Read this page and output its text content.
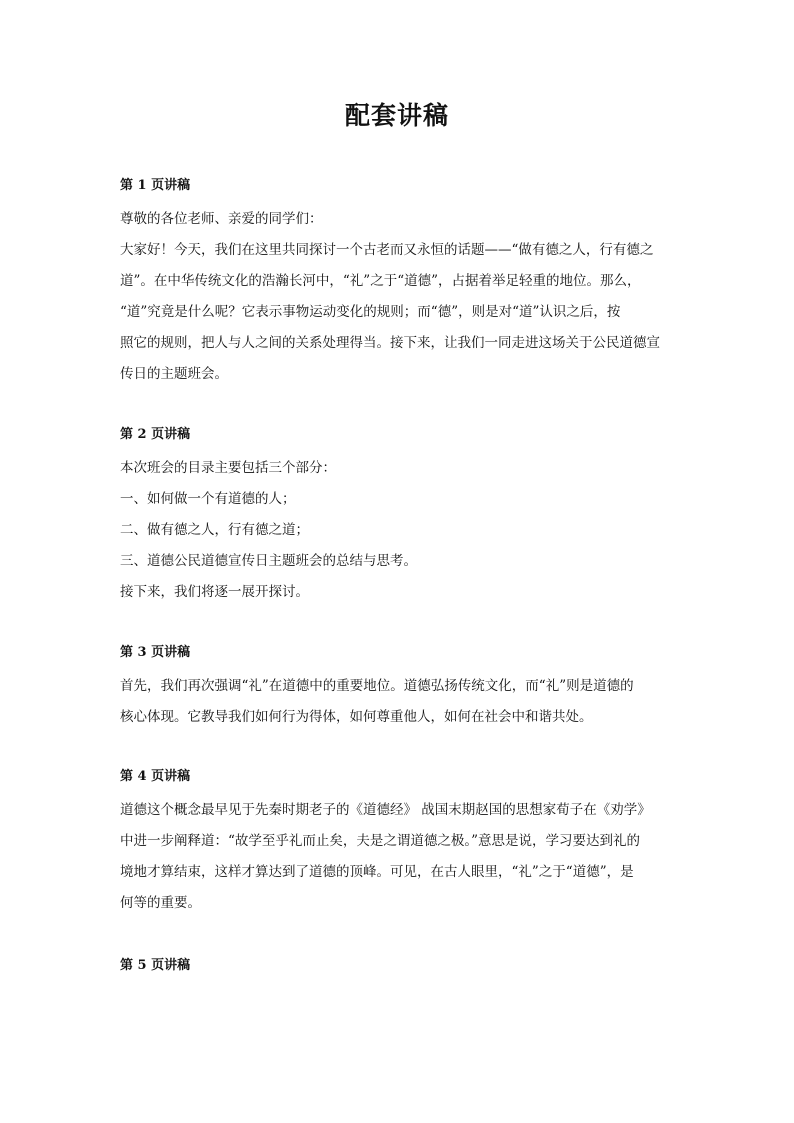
配套讲稿
第 1 页讲稿
尊敬的各位老师、亲爱的同学们：
大家好！今天，我们在这里共同探讨一个古老而又永恒的话题——“做有德之人，行有德之
道”。在中华传统文化的浩瀚长河中，“礼”之于“道德”，占据着举足轻重的地位。那么，
“道”究竟是什么呢？它表示事物运动变化的规则；而“德”，则是对“道”认识之后，按
照它的规则，把人与人之间的关系处理得当。接下来，让我们一同走进这场关于公民道德宣
传日的主题班会。
第 2 页讲稿
本次班会的目录主要包括三个部分：
一、如何做一个有道德的人；
二、做有德之人，行有德之道；
三、道德公民道德宣传日主题班会的总结与思考。
接下来，我们将逐一展开探讨。
第 3 页讲稿
首先，我们再次强调“礼”在道德中的重要地位。道德弘扬传统文化，而“礼”则是道德的
核心体现。它教导我们如何行为得体，如何尊重他人，如何在社会中和谐共处。
第 4 页讲稿
道德这个概念最早见于先秦时期老子的《道德经》 战国末期赵国的思想家荀子在《劝学》
中进一步阐释道：“故学至乎礼而止矣，夫是之谓道德之极。”意思是说，学习要达到礼的
境地才算结束，这样才算达到了道德的顶峰。可见，在古人眼里，“礼”之于“道德”，是
何等的重要。
第 5 页讲稿
